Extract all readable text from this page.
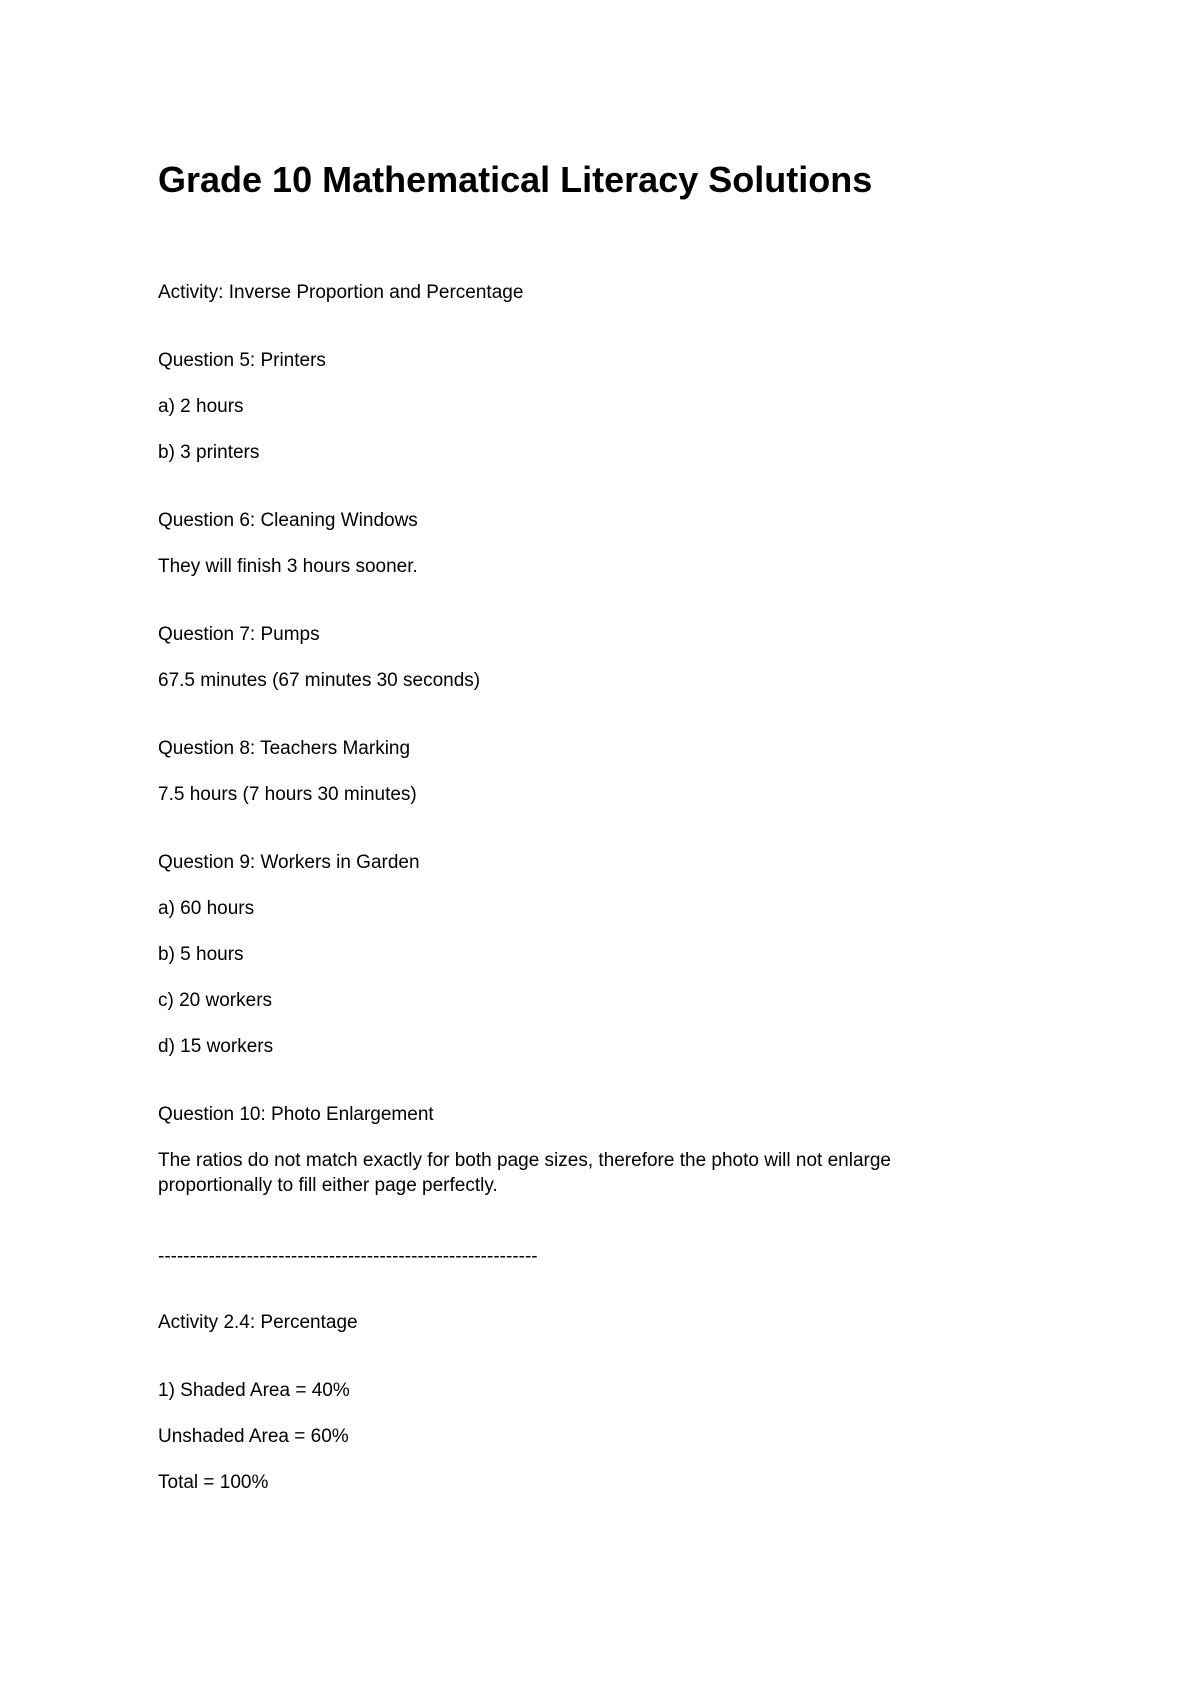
Grade 10 Mathematical Literacy Solutions

Activity: Inverse Proportion and Percentage

Question 5: Printers

a) 2 hours

b) 3 printers

Question 6: Cleaning Windows

They will finish 3 hours sooner.

Question 7: Pumps

67.5 minutes (67 minutes 30 seconds)

Question 8: Teachers Marking

7.5 hours (7 hours 30 minutes)

Question 9: Workers in Garden

a) 60 hours

b) 5 hours

c) 20 workers

d) 15 workers

Question 10: Photo Enlargement

The ratios do not match exactly for both page sizes, therefore the photo will not enlarge proportionally to fill either page perfectly.

------------------------------------------------------------

Activity 2.4: Percentage

1) Shaded Area = 40%

Unshaded Area = 60%

Total = 100%
